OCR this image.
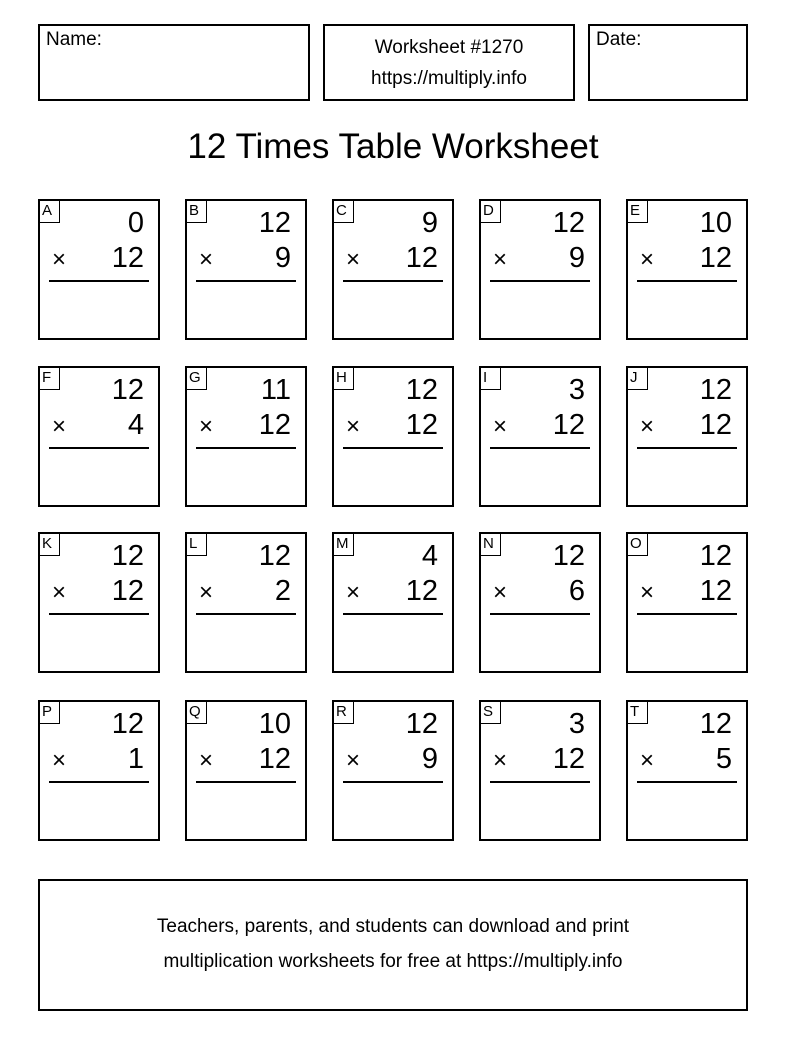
Name:	Worksheet #1270
https://multiply.info
Date:
12 Times Table Worksheet
A	0
× 12
B 12
× 9
C	9
× 12
D 12
× 9
E 10
× 12
F	12
× 4
G 11
× 12
H 12
× 12
I	3
× 12
J	12
× 12
K 12
× 12
L	12
× 2
M	4
× 12
N 12
× 6
O 12
× 12
P 12
× 1
Q 10
× 12
R 12
× 9
S	3
× 12
T	12
× 5
Teachers, parents, and students can download and print
multiplication worksheets for free at https://multiply.info
